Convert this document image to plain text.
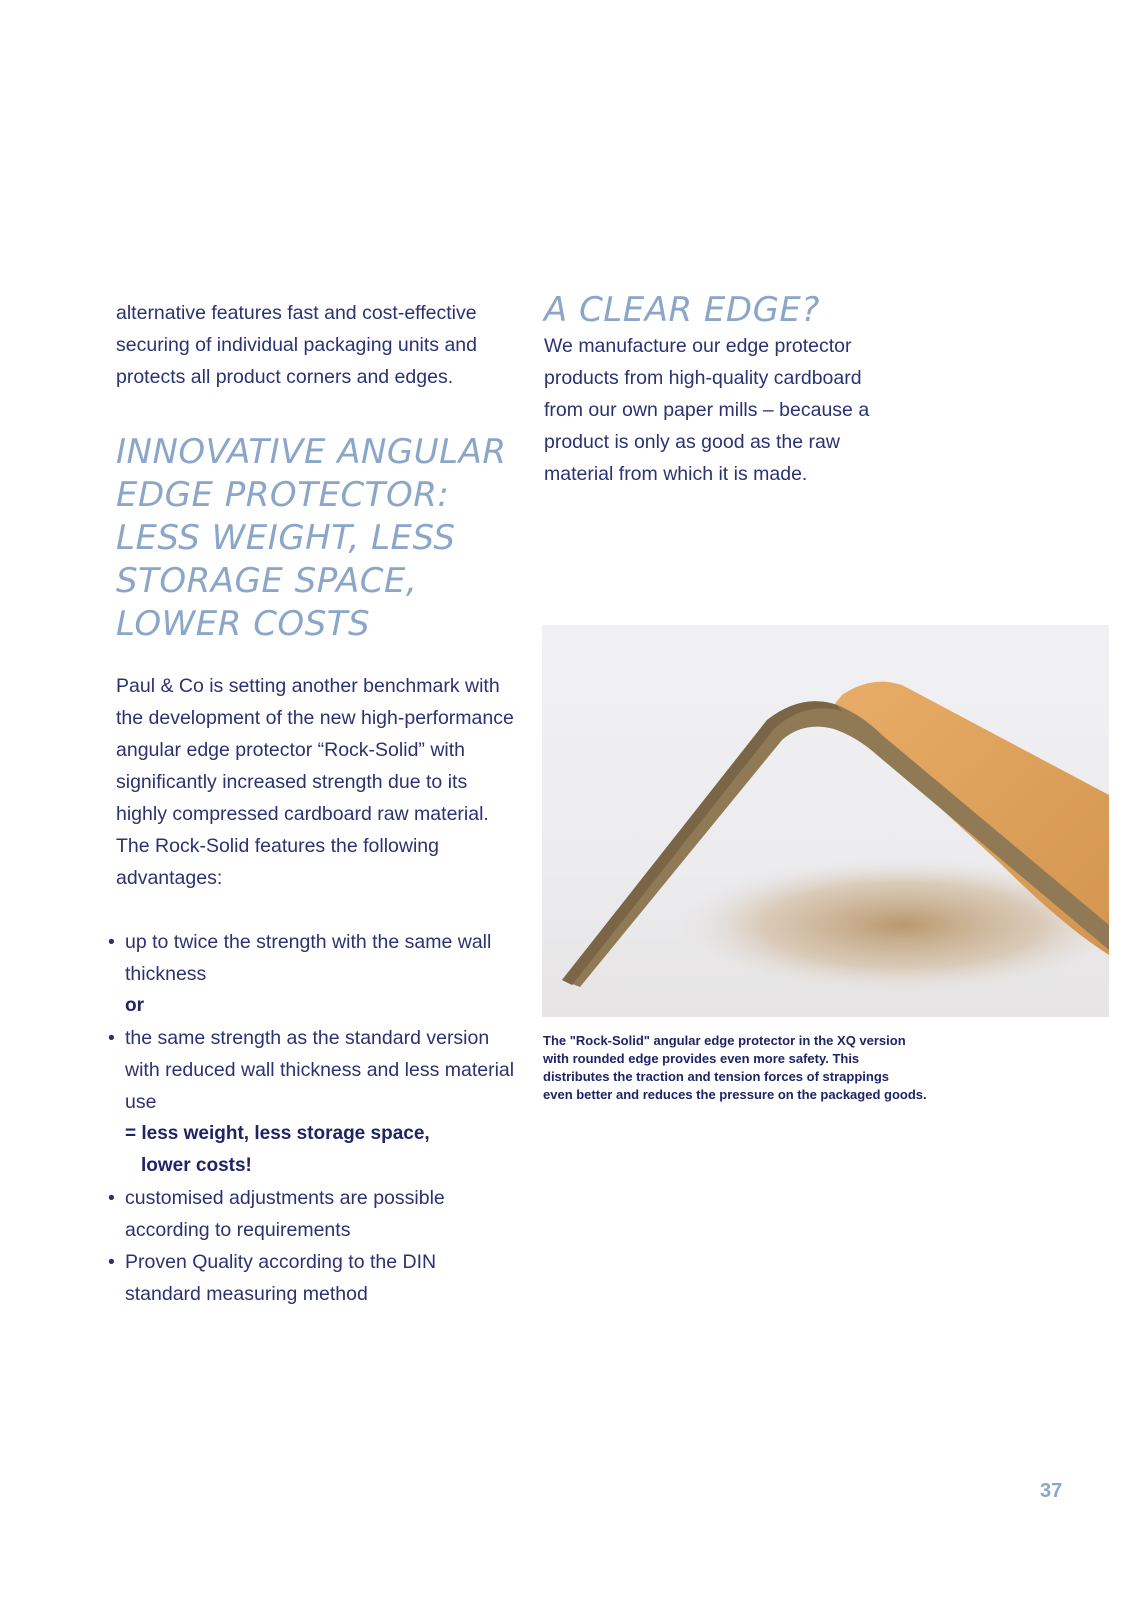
alternative features fast and cost-effective securing of individual packaging units and protects all product corners and edges.

INNOVATIVE ANGULAR EDGE PROTECTOR: LESS WEIGHT, LESS STORAGE SPACE, LOWER COSTS

Paul & Co is setting another benchmark with the development of the new high-performance angular edge protector “Rock-Solid” with significantly increased strength due to its highly compressed cardboard raw material. The Rock-Solid features the following advantages:

• up to twice the strength with the same wall thickness
or
• the same strength as the standard version with reduced wall thickness and less material use
= less weight, less storage space,
lower costs!
• customised adjustments are possible according to requirements
• Proven Quality according to the DIN standard measuring method
A CLEAR EDGE?

We manufacture our edge protector products from high-quality cardboard from our own paper mills – because a product is only as good as the raw material from which it is made.

The "Rock-Solid" angular edge protector in the XQ version
with rounded edge provides even more safety. This
distributes the traction and tension forces of strappings
even better and reduces the pressure on the packaged goods.
37
